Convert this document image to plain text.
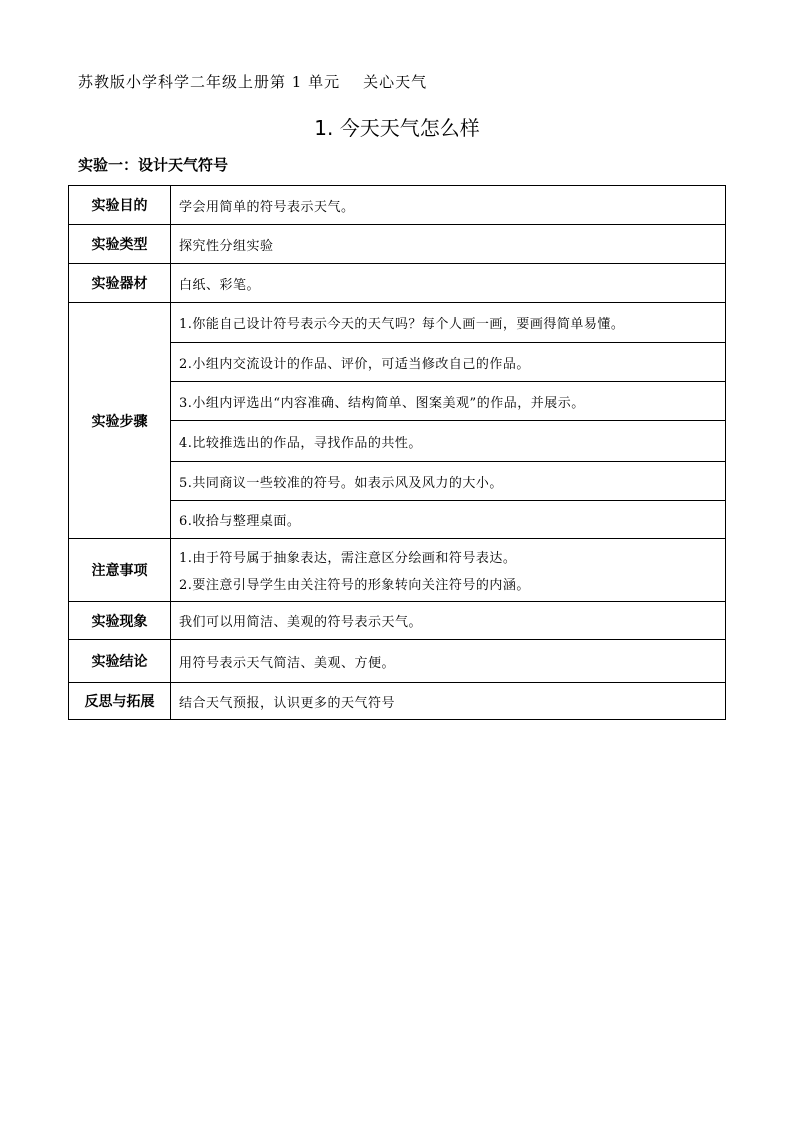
苏教版小学科学二年级上册第 1 单元    关心天气
1. 今天天气怎么样
实验一：设计天气符号
实验目的	学会用简单的符号表示天气。
实验类型	探究性分组实验
实验器材	白纸、彩笔。
实验步骤	1.你能自己设计符号表示今天的天气吗？每个人画一画，要画得简单易懂。
	2.小组内交流设计的作品、评价，可适当修改自己的作品。
	3.小组内评选出“内容准确、结构简单、图案美观”的作品，并展示。
	4.比较推选出的作品，寻找作品的共性。
	5.共同商议一些较准的符号。如表示风及风力的大小。
	6.收拾与整理桌面。
注意事项	1.由于符号属于抽象表达，需注意区分绘画和符号表达。
2.要注意引导学生由关注符号的形象转向关注符号的内涵。

实验现象	我们可以用简洁、美观的符号表示天气。
实验结论	用符号表示天气简洁、美观、方便。
反思与拓展	结合天气预报，认识更多的天气符号
